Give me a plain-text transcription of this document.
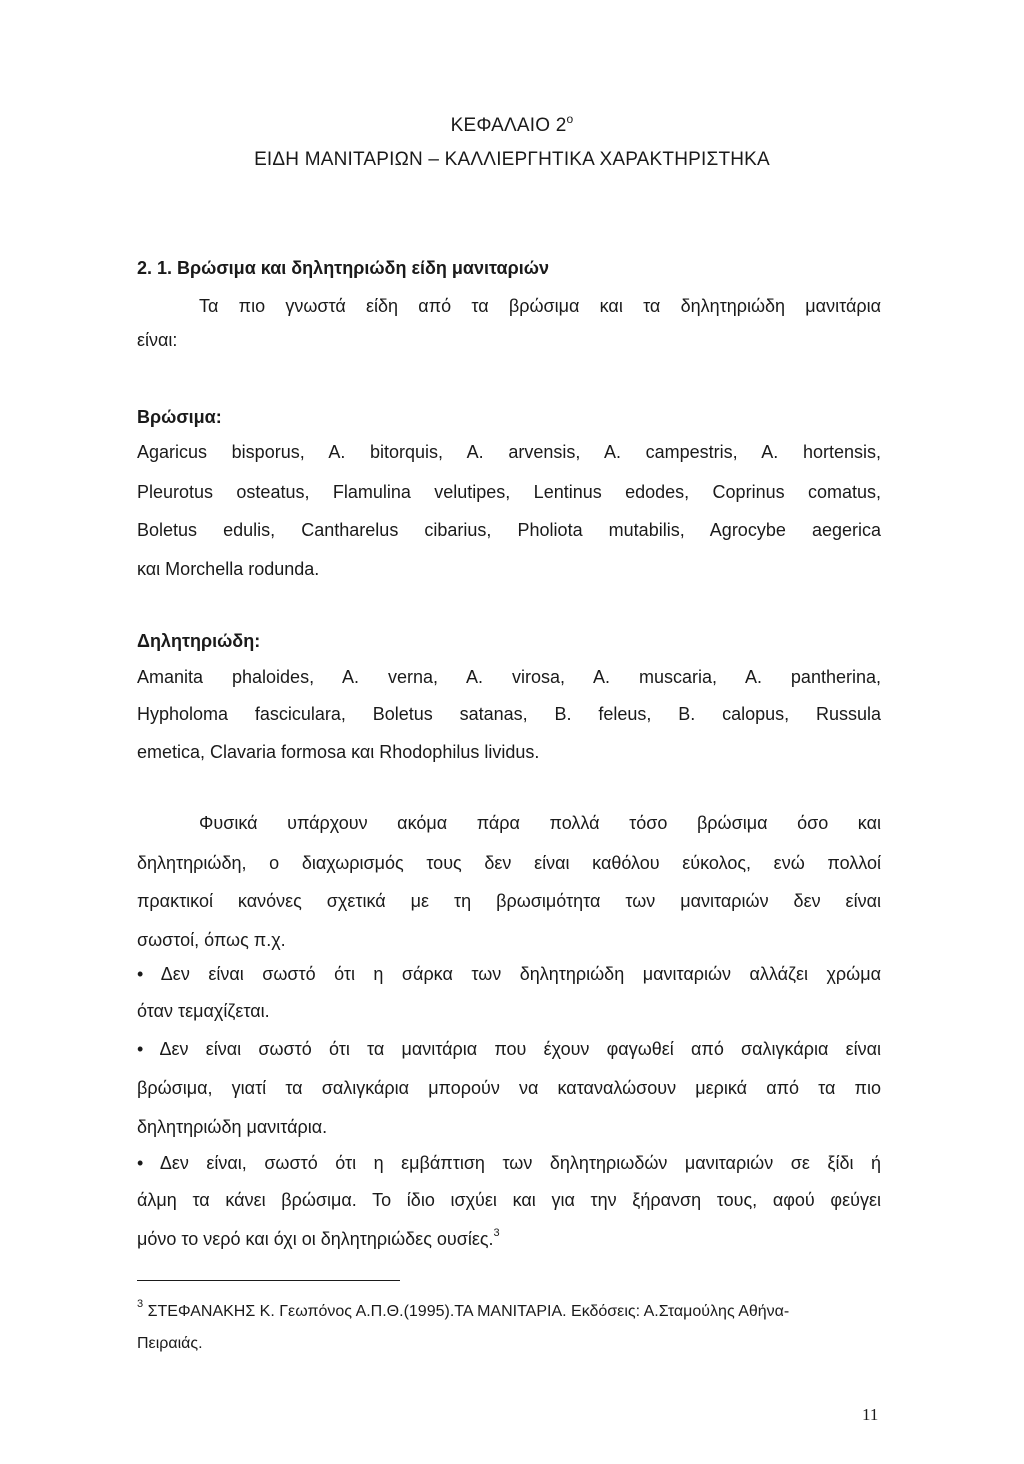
ΚΕΦΑΛΑΙΟ $2^o$
ΕΙΔΗ ΜΑΝΙΤΑΡΙΩΝ – ΚΑΛΛΙΕΡΓΗΤΙΚΑ ΧΑΡΑΚΤΗΡΙΣΤΗΚΑ
2. 1. Βρώσιμα και δηλητηριώδη είδη μανιταριών
Τα πιο γνωστά είδη από τα βρώσιμα και τα δηλητηριώδη μανιτάρια
είναι:
Βρώσιμα:
Agaricus bisporus, A. bitorquis, A. arvensis, A. campestris, A. hortensis,
Pleurotus osteatus, Flamulina velutipes, Lentinus edodes, Coprinus comatus,
Boletus edulis, Cantharelus cibarius, Pholiota mutabilis, Agrocybe aegerica
και Morchella rodunda.
Δηλητηριώδη:
Amanita phaloides, A. verna, A. virosa, A. muscaria, A. pantherina,
Hypholoma fasciculara, Boletus satanas, B. feleus, B. calopus, Russula
emetica, Clavaria formosa και Rhodophilus lividus.
Φυσικά υπάρχουν ακόμα πάρα πολλά τόσο βρώσιμα όσο και
δηλητηριώδη, ο διαχωρισμός τους δεν είναι καθόλου εύκολος, ενώ πολλοί
πρακτικοί κανόνες σχετικά με τη βρωσιμότητα των μανιταριών δεν είναι
σωστοί, όπως π.χ.
• Δεν είναι σωστό ότι η σάρκα των δηλητηριώδη μανιταριών αλλάζει χρώμα
όταν τεμαχίζεται.
• Δεν είναι σωστό ότι τα μανιτάρια που έχουν φαγωθεί από σαλιγκάρια είναι
βρώσιμα, γιατί τα σαλιγκάρια μπορούν να καταναλώσουν μερικά από τα πιο
δηλητηριώδη μανιτάρια.
• Δεν είναι, σωστό ότι η εμβάπτιση των δηλητηριωδών μανιταριών σε ξίδι ή
άλμη τα κάνει βρώσιμα. Το ίδιο ισχύει και για την ξήρανση τους, αφού φεύγει
μόνο το νερό και όχι οι δηλητηριώδες ουσίες.$^3$
$^3$ ΣΤΕΦΑΝΑΚΗΣ Κ. Γεωπόνος Α.Π.Θ.(1995).ΤΑ ΜΑΝΙΤΑΡΙΑ. Εκδόσεις: Α.Σταμούλης Αθήνα-
Πειραιάς.
11
